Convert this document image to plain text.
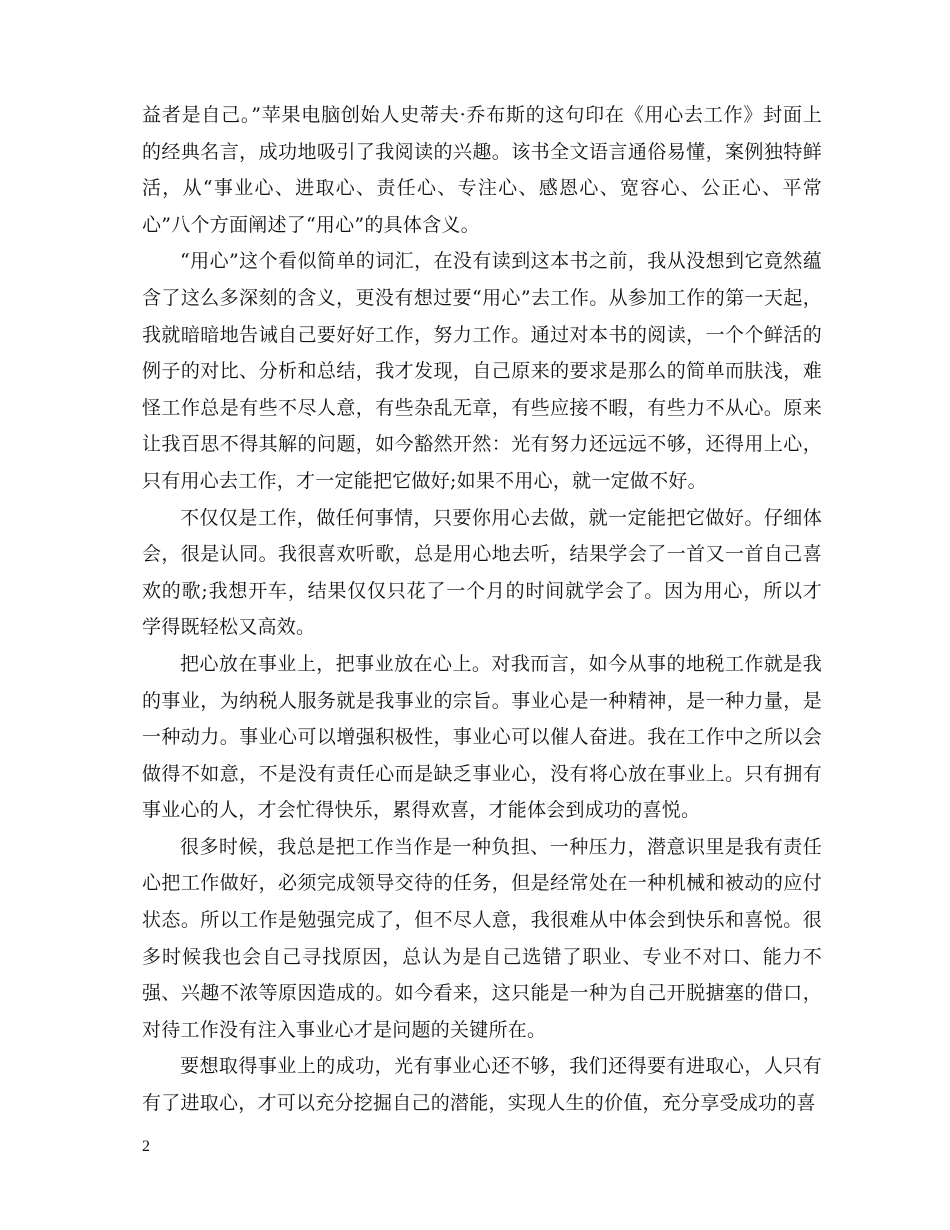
益者是自己。”苹果电脑创始人史蒂夫·乔布斯的这句印在《用心去工作》封面上的经典名言，成功地吸引了我阅读的兴趣。该书全文语言通俗易懂，案例独特鲜活，从“事业心、进取心、责任心、专注心、感恩心、宽容心、公正心、平常心”八个方面阐述了“用心”的具体含义。

“用心”这个看似简单的词汇，在没有读到这本书之前，我从没想到它竟然蕴含了这么多深刻的含义，更没有想过要“用心”去工作。从参加工作的第一天起，我就暗暗地告诫自己要好好工作，努力工作。通过对本书的阅读，一个个鲜活的例子的对比、分析和总结，我才发现，自己原来的要求是那么的简单而肤浅，难怪工作总是有些不尽人意，有些杂乱无章，有些应接不暇，有些力不从心。原来让我百思不得其解的问题，如今豁然开然：光有努力还远远不够，还得用上心，只有用心去工作，才一定能把它做好;如果不用心，就一定做不好。

不仅仅是工作，做任何事情，只要你用心去做，就一定能把它做好。仔细体会，很是认同。我很喜欢听歌，总是用心地去听，结果学会了一首又一首自己喜欢的歌;我想开车，结果仅仅只花了一个月的时间就学会了。因为用心，所以才学得既轻松又高效。

把心放在事业上，把事业放在心上。对我而言，如今从事的地税工作就是我的事业，为纳税人服务就是我事业的宗旨。事业心是一种精神，是一种力量，是一种动力。事业心可以增强积极性，事业心可以催人奋进。我在工作中之所以会做得不如意，不是没有责任心而是缺乏事业心，没有将心放在事业上。只有拥有事业心的人，才会忙得快乐，累得欢喜，才能体会到成功的喜悦。

很多时候，我总是把工作当作是一种负担、一种压力，潜意识里是我有责任心把工作做好，必须完成领导交待的任务，但是经常处在一种机械和被动的应付状态。所以工作是勉强完成了，但不尽人意，我很难从中体会到快乐和喜悦。很多时候我也会自己寻找原因，总认为是自己选错了职业、专业不对口、能力不强、兴趣不浓等原因造成的。如今看来，这只能是一种为自己开脱搪塞的借口，对待工作没有注入事业心才是问题的关键所在。

要想取得事业上的成功，光有事业心还不够，我们还得要有进取心，人只有有了进取心，才可以充分挖掘自己的潜能，实现人生的价值，充分享受成功的喜

2
